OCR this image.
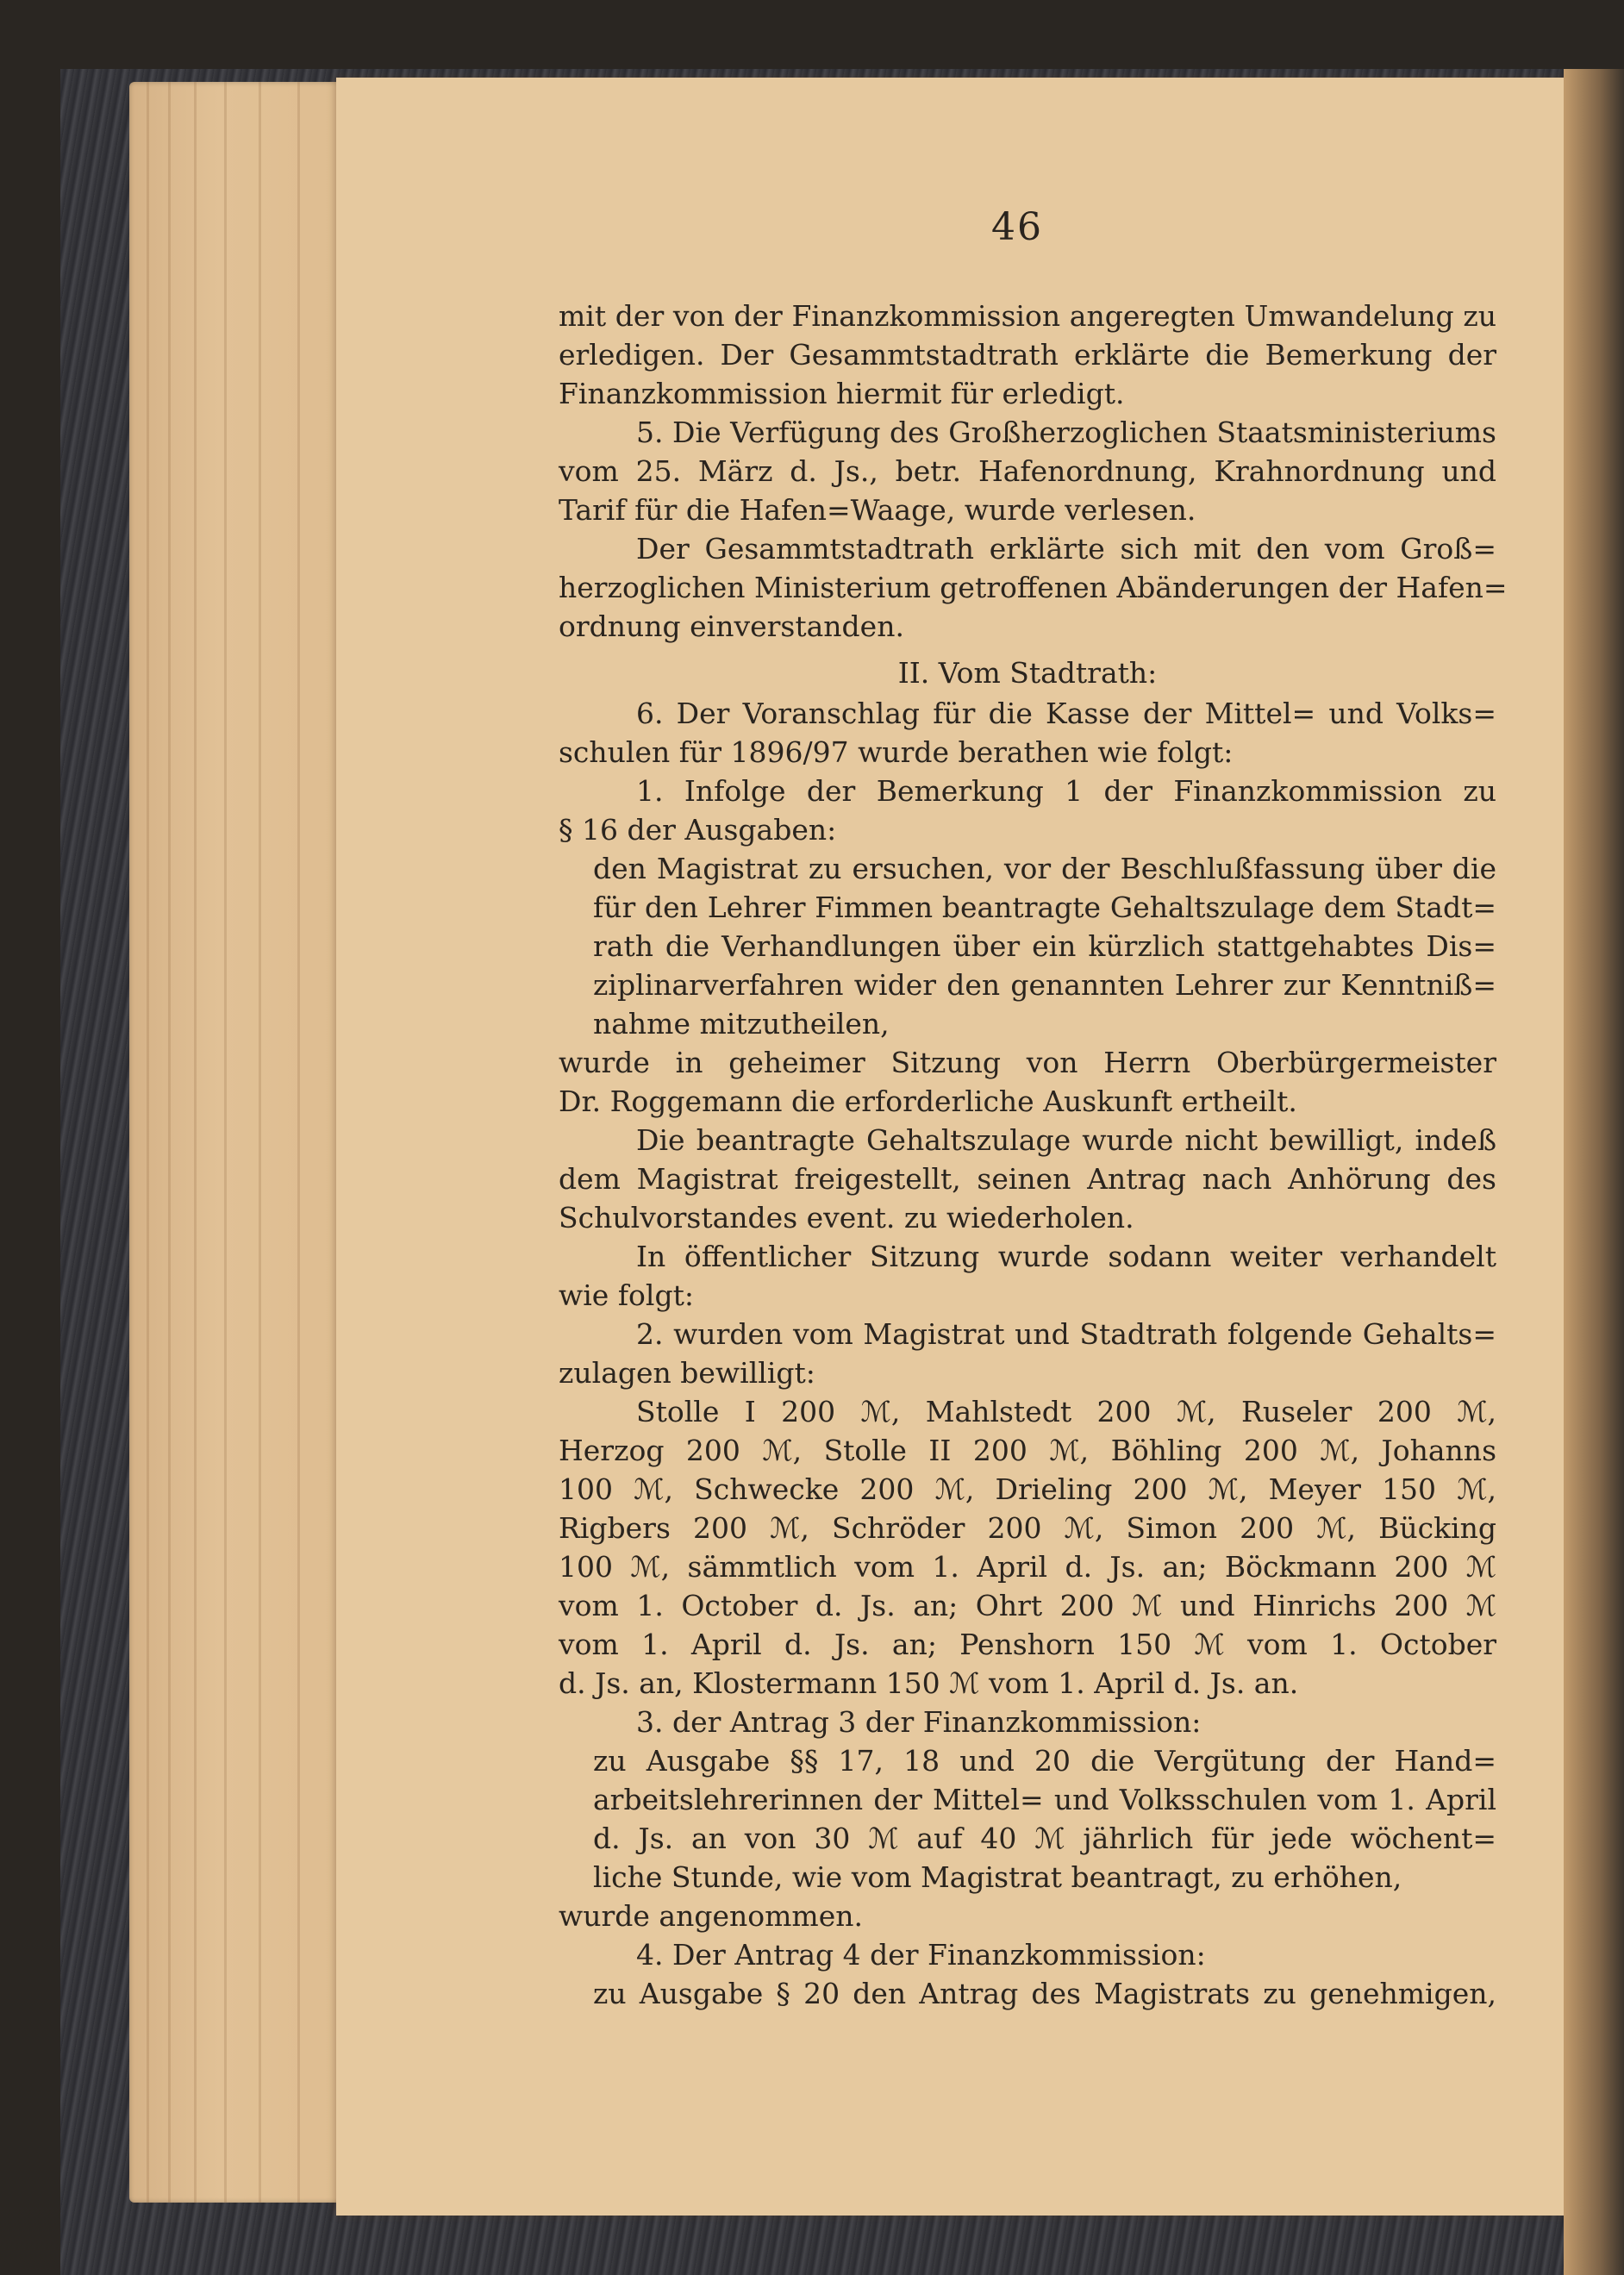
46
mit der von der Finanzkommission angeregten Umwandelung zu
erledigen. Der Gesammtstadtrath erklärte die Bemerkung der
Finanzkommission hiermit für erledigt.
5. Die Verfügung des Großherzoglichen Staatsministeriums
vom 25. März d. Js., betr. Hafenordnung, Krahnordnung und
Tarif für die Hafen=Waage, wurde verlesen.
Der Gesammtstadtrath erklärte sich mit den vom Groß=
herzoglichen Ministerium getroffenen Abänderungen der Hafen=
ordnung einverstanden.
II. Vom Stadtrath:
6. Der Voranschlag für die Kasse der Mittel= und Volks=
schulen für 1896/97 wurde berathen wie folgt:
1. Infolge der Bemerkung 1 der Finanzkommission zu
§ 16 der Ausgaben:
den Magistrat zu ersuchen, vor der Beschlußfassung über die
für den Lehrer Fimmen beantragte Gehaltszulage dem Stadt=
rath die Verhandlungen über ein kürzlich stattgehabtes Dis=
ziplinarverfahren wider den genannten Lehrer zur Kenntniß=
nahme mitzutheilen,
wurde in geheimer Sitzung von Herrn Oberbürgermeister
Dr. Roggemann die erforderliche Auskunft ertheilt.
Die beantragte Gehaltszulage wurde nicht bewilligt, indeß
dem Magistrat freigestellt, seinen Antrag nach Anhörung des
Schulvorstandes event. zu wiederholen.
In öffentlicher Sitzung wurde sodann weiter verhandelt
wie folgt:
2. wurden vom Magistrat und Stadtrath folgende Gehalts=
zulagen bewilligt:
Stolle I 200 ℳ, Mahlstedt 200 ℳ, Ruseler 200 ℳ,
Herzog 200 ℳ, Stolle II 200 ℳ, Böhling 200 ℳ, Johanns
100 ℳ, Schwecke 200 ℳ, Drieling 200 ℳ, Meyer 150 ℳ,
Rigbers 200 ℳ, Schröder 200 ℳ, Simon 200 ℳ, Bücking
100 ℳ, sämmtlich vom 1. April d. Js. an; Böckmann 200 ℳ
vom 1. October d. Js. an; Ohrt 200 ℳ und Hinrichs 200 ℳ
vom 1. April d. Js. an; Penshorn 150 ℳ vom 1. October
d. Js. an, Klostermann 150 ℳ vom 1. April d. Js. an.
3. der Antrag 3 der Finanzkommission:
zu Ausgabe §§ 17, 18 und 20 die Vergütung der Hand=
arbeitslehrerinnen der Mittel= und Volksschulen vom 1. April
d. Js. an von 30 ℳ auf 40 ℳ jährlich für jede wöchent=
liche Stunde, wie vom Magistrat beantragt, zu erhöhen,
wurde angenommen.
4. Der Antrag 4 der Finanzkommission:
zu Ausgabe § 20 den Antrag des Magistrats zu genehmigen,
